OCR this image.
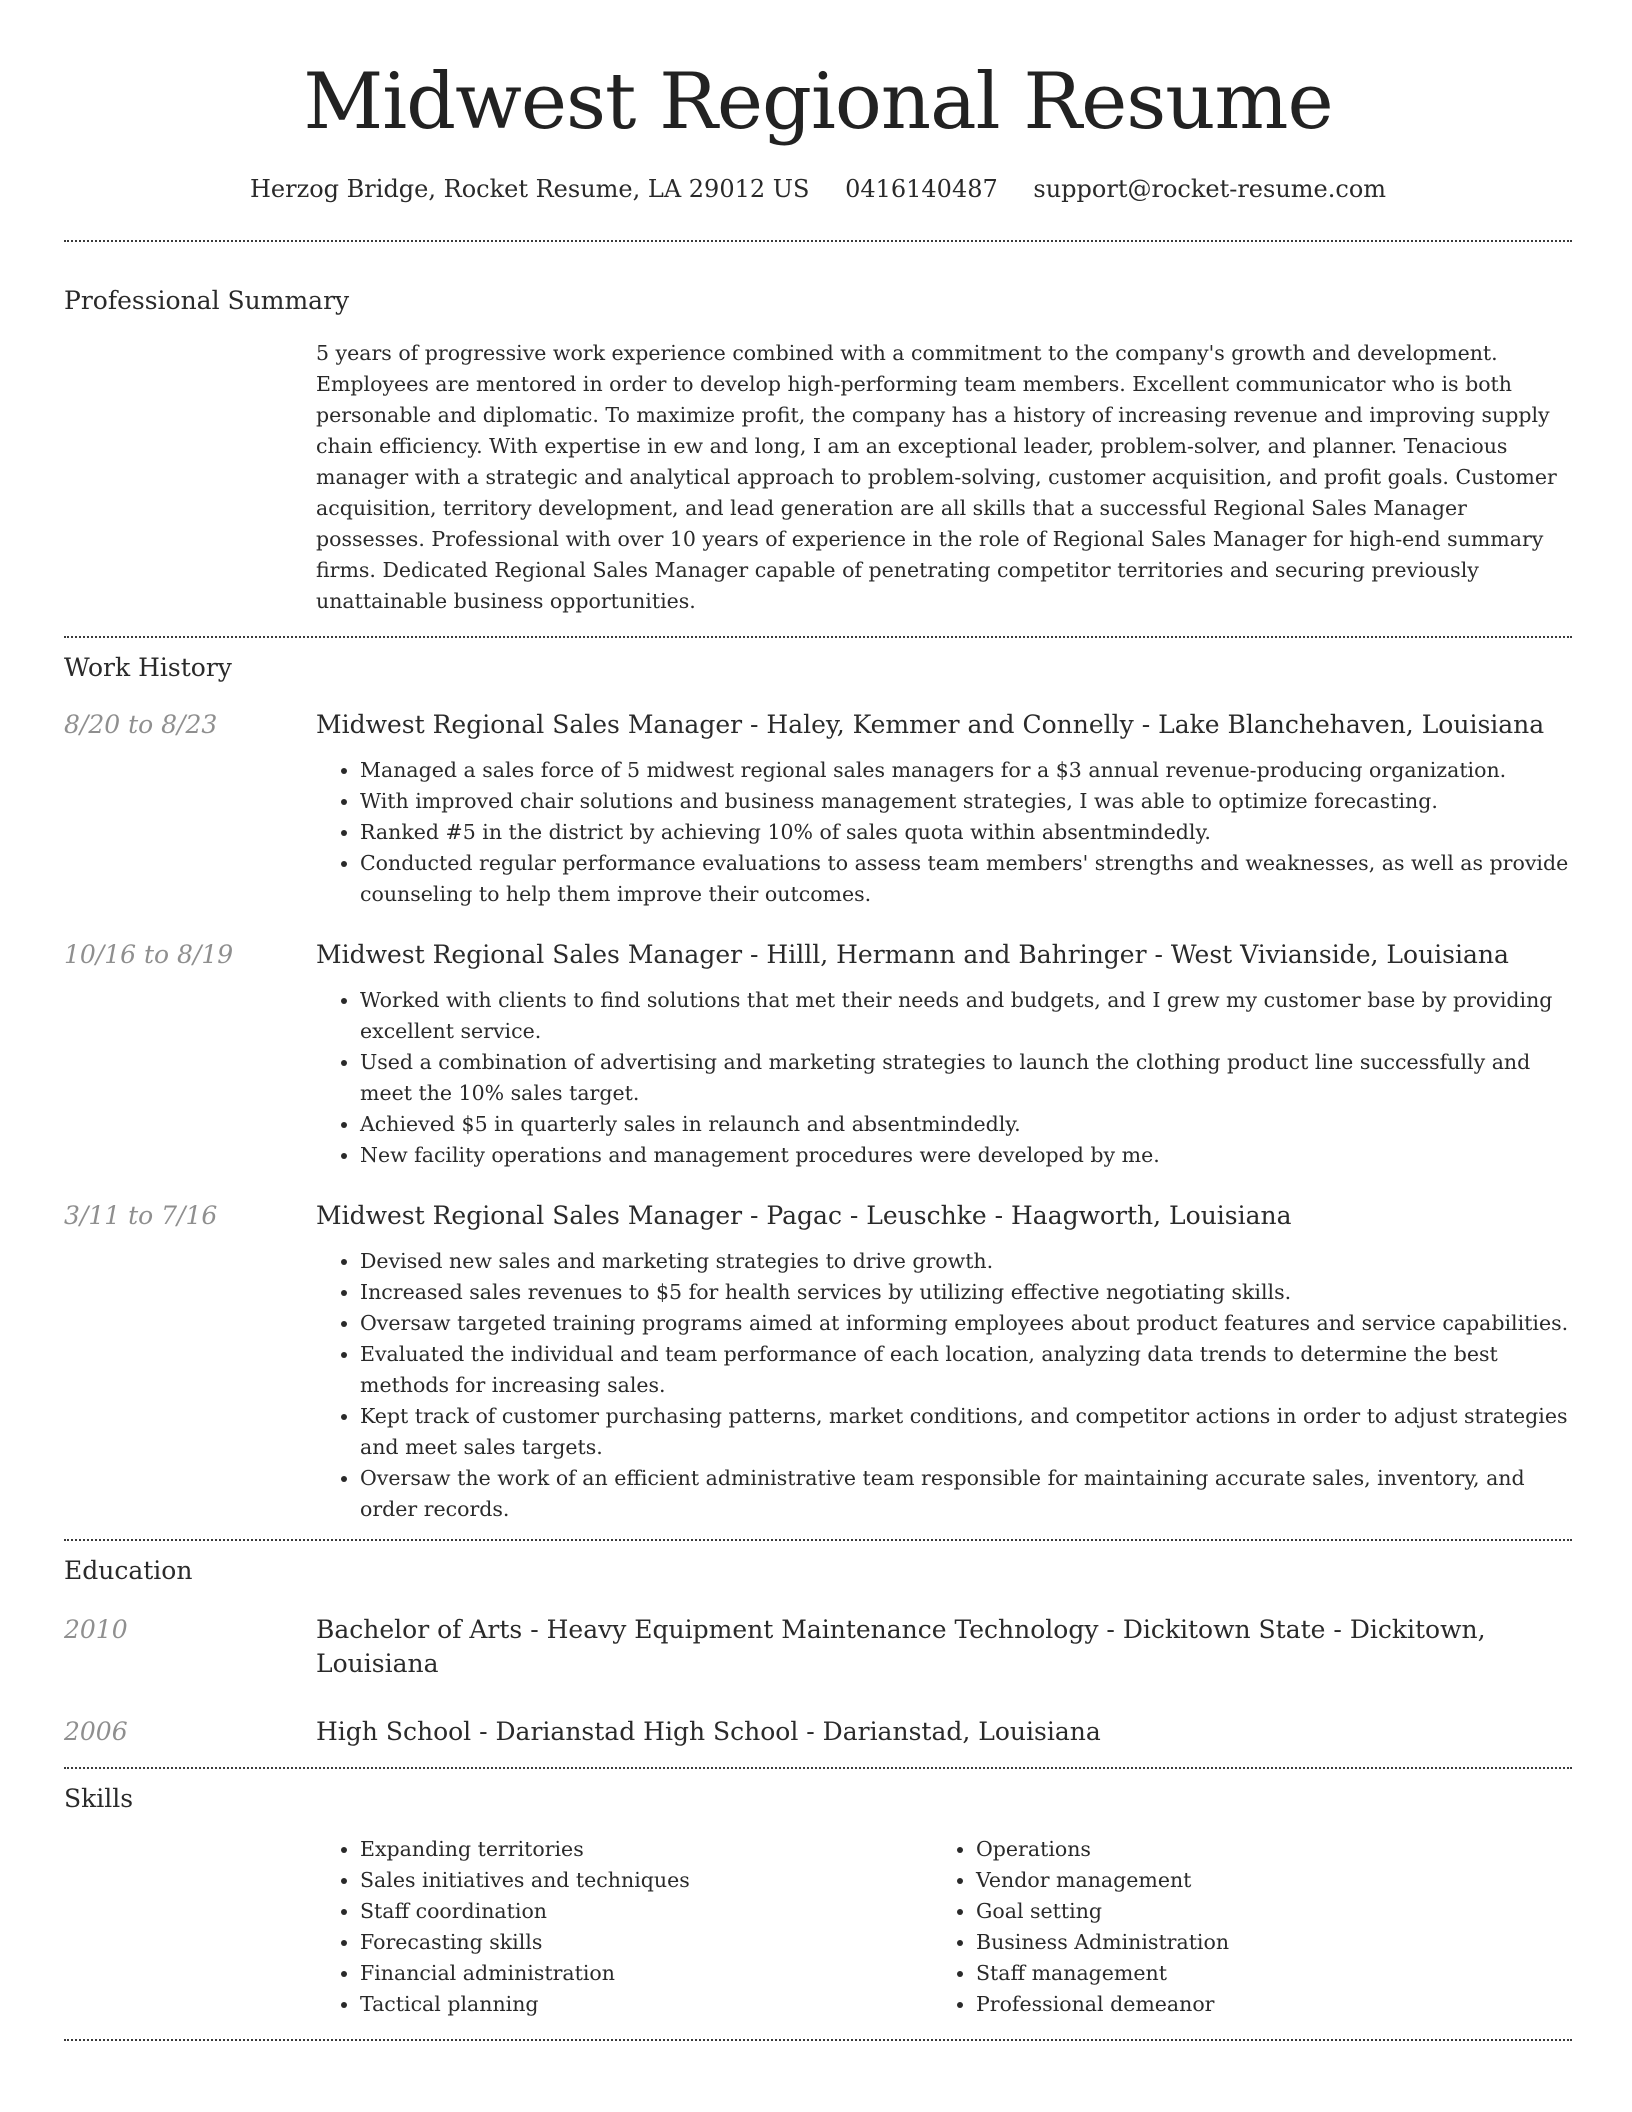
Midwest Regional Resume
Herzog Bridge, Rocket Resume, LA 29012 US 0416140487 support@rocket-resume.com
Professional Summary
5 years of progressive work experience combined with a commitment to the company's growth and development. Employees are mentored in order to develop high-performing team members. Excellent communicator who is both personable and diplomatic. To maximize profit, the company has a history of increasing revenue and improving supply chain efficiency. With expertise in ew and long, I am an exceptional leader, problem-solver, and planner. Tenacious manager with a strategic and analytical approach to problem-solving, customer acquisition, and profit goals. Customer acquisition, territory development, and lead generation are all skills that a successful Regional Sales Manager possesses. Professional with over 10 years of experience in the role of Regional Sales Manager for high-end summary firms. Dedicated Regional Sales Manager capable of penetrating competitor territories and securing previously unattainable business opportunities.
Work History
8/20 to 8/23	Midwest Regional Sales Manager - Haley, Kemmer and Connelly - Lake Blanchehaven, Louisiana
• Managed a sales force of 5 midwest regional sales managers for a $3 annual revenue-producing organization.
• With improved chair solutions and business management strategies, I was able to optimize forecasting.
• Ranked #5 in the district by achieving 10% of sales quota within absentmindedly.
• Conducted regular performance evaluations to assess team members' strengths and weaknesses, as well as provide counseling to help them improve their outcomes.
10/16 to 8/19	Midwest Regional Sales Manager - Hilll, Hermann and Bahringer - West Vivianside, Louisiana
• Worked with clients to find solutions that met their needs and budgets, and I grew my customer base by providing excellent service.
• Used a combination of advertising and marketing strategies to launch the clothing product line successfully and meet the 10% sales target.
• Achieved $5 in quarterly sales in relaunch and absentmindedly.
• New facility operations and management procedures were developed by me.
3/11 to 7/16	Midwest Regional Sales Manager - Pagac - Leuschke - Haagworth, Louisiana
• Devised new sales and marketing strategies to drive growth.
• Increased sales revenues to $5 for health services by utilizing effective negotiating skills.
• Oversaw targeted training programs aimed at informing employees about product features and service capabilities.
• Evaluated the individual and team performance of each location, analyzing data trends to determine the best methods for increasing sales.
• Kept track of customer purchasing patterns, market conditions, and competitor actions in order to adjust strategies and meet sales targets.
• Oversaw the work of an efficient administrative team responsible for maintaining accurate sales, inventory, and order records.
Education
2010	Bachelor of Arts - Heavy Equipment Maintenance Technology - Dickitown State - Dickitown, Louisiana
2006	High School - Darianstad High School - Darianstad, Louisiana
Skills
• Expanding territories
• Sales initiatives and techniques
• Staff coordination
• Forecasting skills
• Financial administration
• Tactical planning
• Operations
• Vendor management
• Goal setting
• Business Administration
• Staff management
• Professional demeanor
